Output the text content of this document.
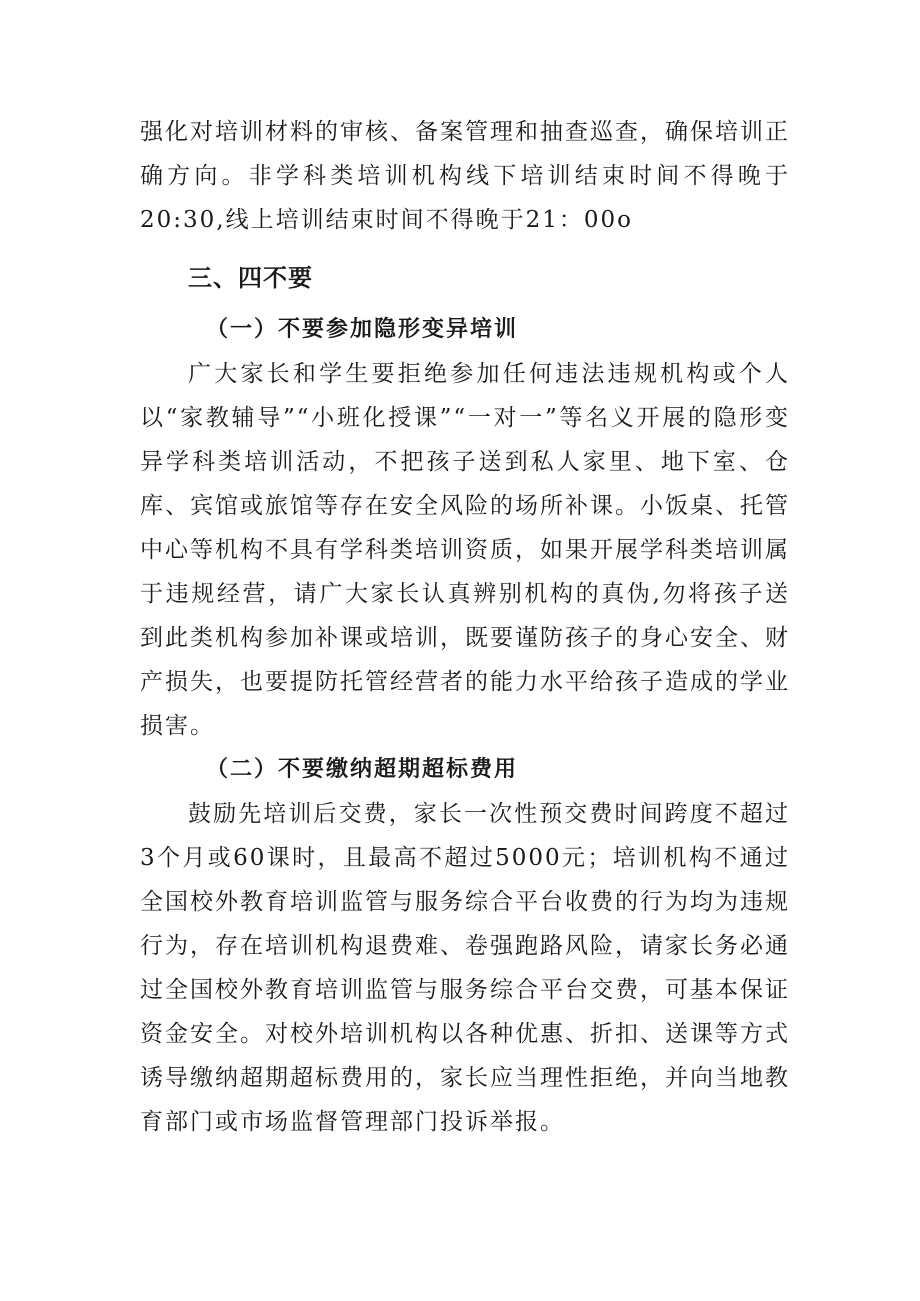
强化对培训材料的审核、备案管理和抽查巡查，确保培训正确方向。非学科类培训机构线下培训结束时间不得晚于20:30,线上培训结束时间不得晚于21：00o

三、四不要
（一）不要参加隐形变异培训

广大家长和学生要拒绝参加任何违法违规机构或个人以“家教辅导”“小班化授课”“一对一”等名义开展的隐形变异学科类培训活动，不把孩子送到私人家里、地下室、仓库、宾馆或旅馆等存在安全风险的场所补课。小饭桌、托管中心等机构不具有学科类培训资质，如果开展学科类培训属于违规经营，请广大家长认真辨别机构的真伪,勿将孩子送到此类机构参加补课或培训，既要谨防孩子的身心安全、财产损失，也要提防托管经营者的能力水平给孩子造成的学业损害。

（二）不要缴纳超期超标费用

鼓励先培训后交费，家长一次性预交费时间跨度不超过3个月或60课时，且最高不超过5000元；培训机构不通过全国校外教育培训监管与服务综合平台收费的行为均为违规行为，存在培训机构退费难、卷强跑路风险，请家长务必通过全国校外教育培训监管与服务综合平台交费，可基本保证资金安全。对校外培训机构以各种优惠、折扣、送课等方式诱导缴纳超期超标费用的，家长应当理性拒绝，并向当地教育部门或市场监督管理部门投诉举报。
